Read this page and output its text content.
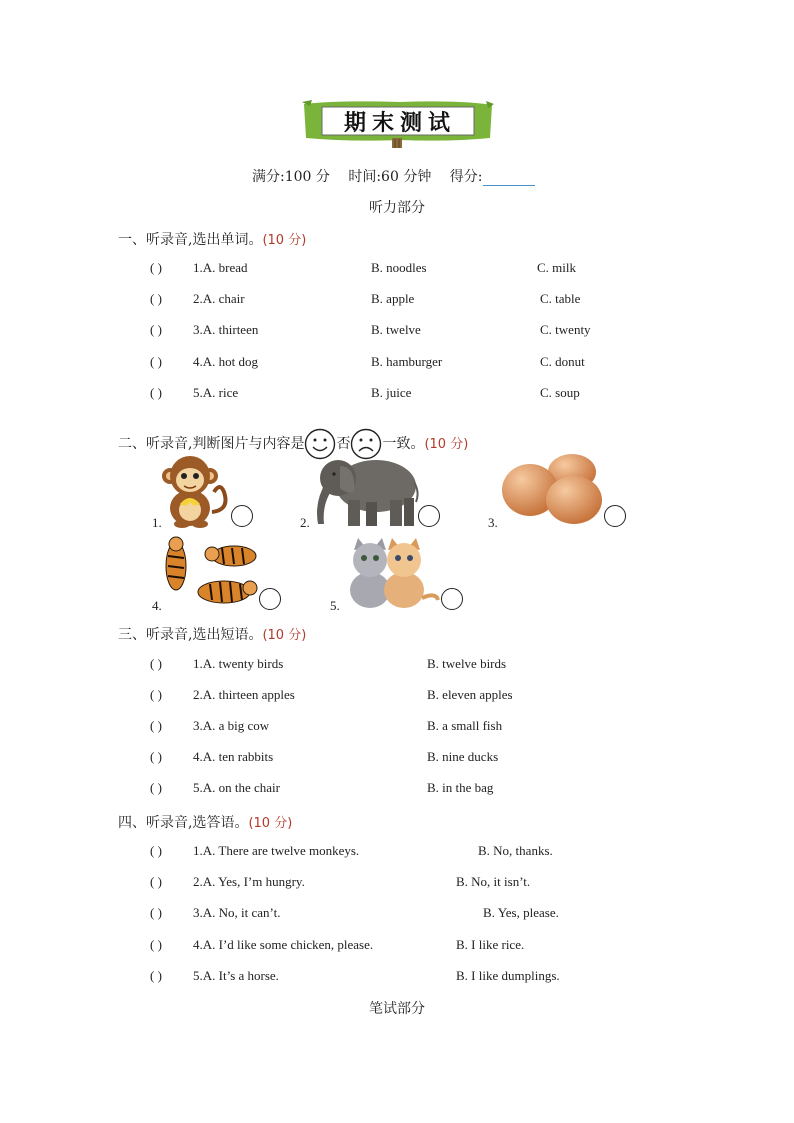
期末测试
满分:100 分 时间:60 分钟 得分:
听力部分
一、听录音,选出单词。(10 分)
( ) 1.A. bread	B. noodles	C. milk
( ) 2.A. chair	B. apple	C. table
( ) 3.A. thirteen	B. twelve	C. twenty
( ) 4.A. hot dog	B. hamburger	C. donut
( ) 5.A. rice	B. juice	C. soup
二、听录音,判断图片与内容是 否 一致。(10 分)
1.	2.	3.
4.	5.
三、听录音,选出短语。(10 分)
( ) 1.A. twenty birds	B. twelve birds
( ) 2.A. thirteen apples	B. eleven apples
( ) 3.A. a big cow	B. a small fish
( ) 4.A. ten rabbits	B. nine ducks
( ) 5.A. on the chair	B. in the bag
四、听录音,选答语。(10 分)
( ) 1.A. There are twelve monkeys.	B. No, thanks.
( ) 2.A. Yes, I’m hungry.	B. No, it isn’t.
( ) 3.A. No, it can’t.	B. Yes, please.
( ) 4.A. I’d like some chicken, please.	B. I like rice.
( ) 5.A. It’s a horse.	B. I like dumplings.
笔试部分
